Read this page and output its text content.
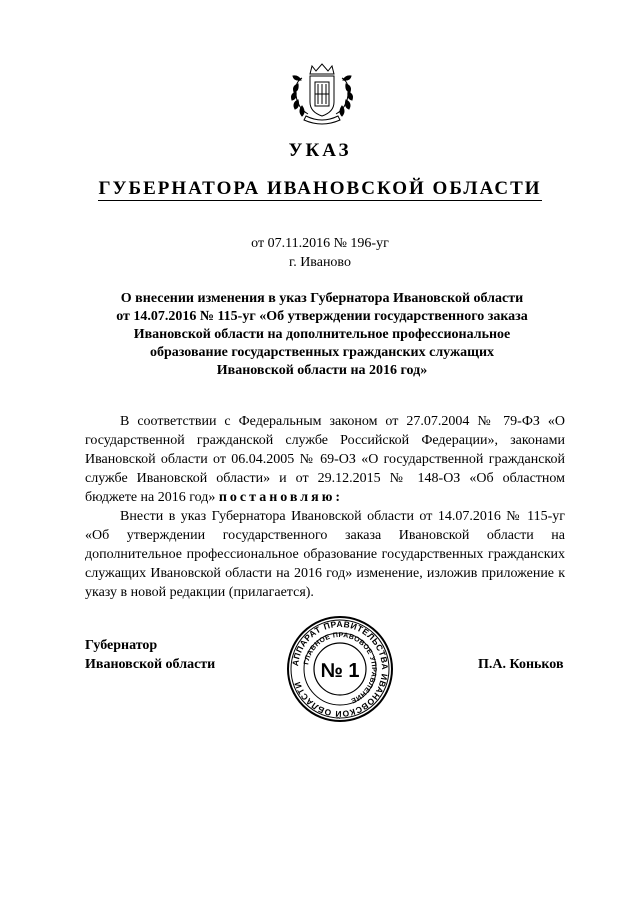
УКАЗ
ГУБЕРНАТОРА ИВАНОВСКОЙ ОБЛАСТИ
от 07.11.2016 № 196-уг
г. Иваново
О внесении изменения в указ Губернатора Ивановской области
от 14.07.2016 № 115-уг «Об утверждении государственного заказа
Ивановской области на дополнительное профессиональное
образование государственных гражданских служащих
Ивановской области на 2016 год»

В соответствии с Федеральным законом от 27.07.2004 № 79-ФЗ «О государственной гражданской службе Российской Федерации», законами Ивановской области от 06.04.2005 № 69-ОЗ «О государственной гражданской службе Ивановской области» и от 29.12.2015 № 148-ОЗ «Об областном бюджете на 2016 год» постановляю:

Внести в указ Губернатора Ивановской области от 14.07.2016 № 115-уг «Об утверждении государственного заказа Ивановской области на дополнительное профессиональное образование государственных гражданских служащих Ивановской области на 2016 год» изменение, изложив приложение к указу в новой редакции (прилагается).

Губернатор
Ивановской области	П.А. Коньков
АППАРАТ ПРАВИТЕЛЬСТВА ИВАНОВСКОЙ ОБЛАСТИ
ГЛАВНОЕ ПРАВОВОЕ УПРАВЛЕНИЕ
№ 1
